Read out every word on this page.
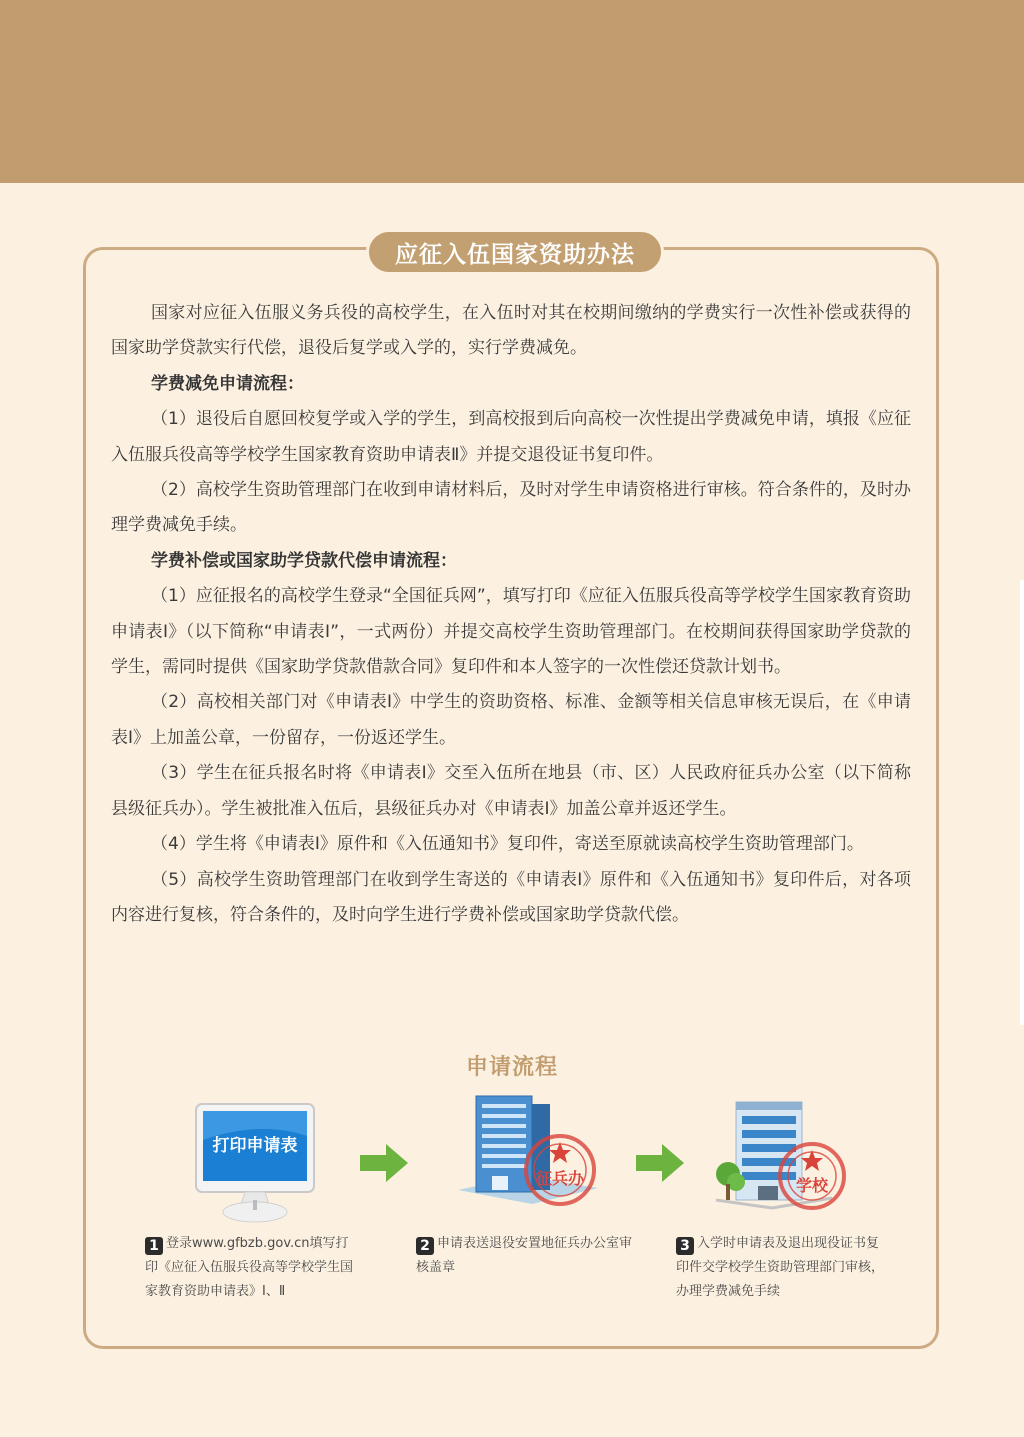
应征入伍国家资助办法

国家对应征入伍服义务兵役的高校学生，在入伍时对其在校期间缴纳的学费实行一次性补偿或获得的国家助学贷款实行代偿，退役后复学或入学的，实行学费减免。

学费减免申请流程：

（1）退役后自愿回校复学或入学的学生，到高校报到后向高校一次性提出学费减免申请，填报《应征入伍服兵役高等学校学生国家教育资助申请表Ⅱ》并提交退役证书复印件。

（2）高校学生资助管理部门在收到申请材料后，及时对学生申请资格进行审核。符合条件的，及时办理学费减免手续。

学费补偿或国家助学贷款代偿申请流程：

（1）应征报名的高校学生登录“全国征兵网”，填写打印《应征入伍服兵役高等学校学生国家教育资助申请表Ⅰ》（以下简称“申请表Ⅰ”，一式两份）并提交高校学生资助管理部门。在校期间获得国家助学贷款的学生，需同时提供《国家助学贷款借款合同》复印件和本人签字的一次性偿还贷款计划书。

（2）高校相关部门对《申请表Ⅰ》中学生的资助资格、标准、金额等相关信息审核无误后，在《申请表Ⅰ》上加盖公章，一份留存，一份返还学生。

（3）学生在征兵报名时将《申请表Ⅰ》交至入伍所在地县（市、区）人民政府征兵办公室（以下简称县级征兵办）。学生被批准入伍后，县级征兵办对《申请表Ⅰ》加盖公章并返还学生。

（4）学生将《申请表Ⅰ》原件和《入伍通知书》复印件，寄送至原就读高校学生资助管理部门。

（5）高校学生资助管理部门在收到学生寄送的《申请表Ⅰ》原件和《入伍通知书》复印件后，对各项内容进行复核，符合条件的，及时向学生进行学费补偿或国家助学贷款代偿。

申请流程
打印申请表
征兵办	学校
1 登录www.gfbzb.gov.cn填写打印《应征入伍服兵役高等学校学生国家教育资助申请表》Ⅰ、Ⅱ
2 申请表送退役安置地征兵办公室审核盖章
3 入学时申请表及退出现役证书复印件交学校学生资助管理部门审核，办理学费减免手续
